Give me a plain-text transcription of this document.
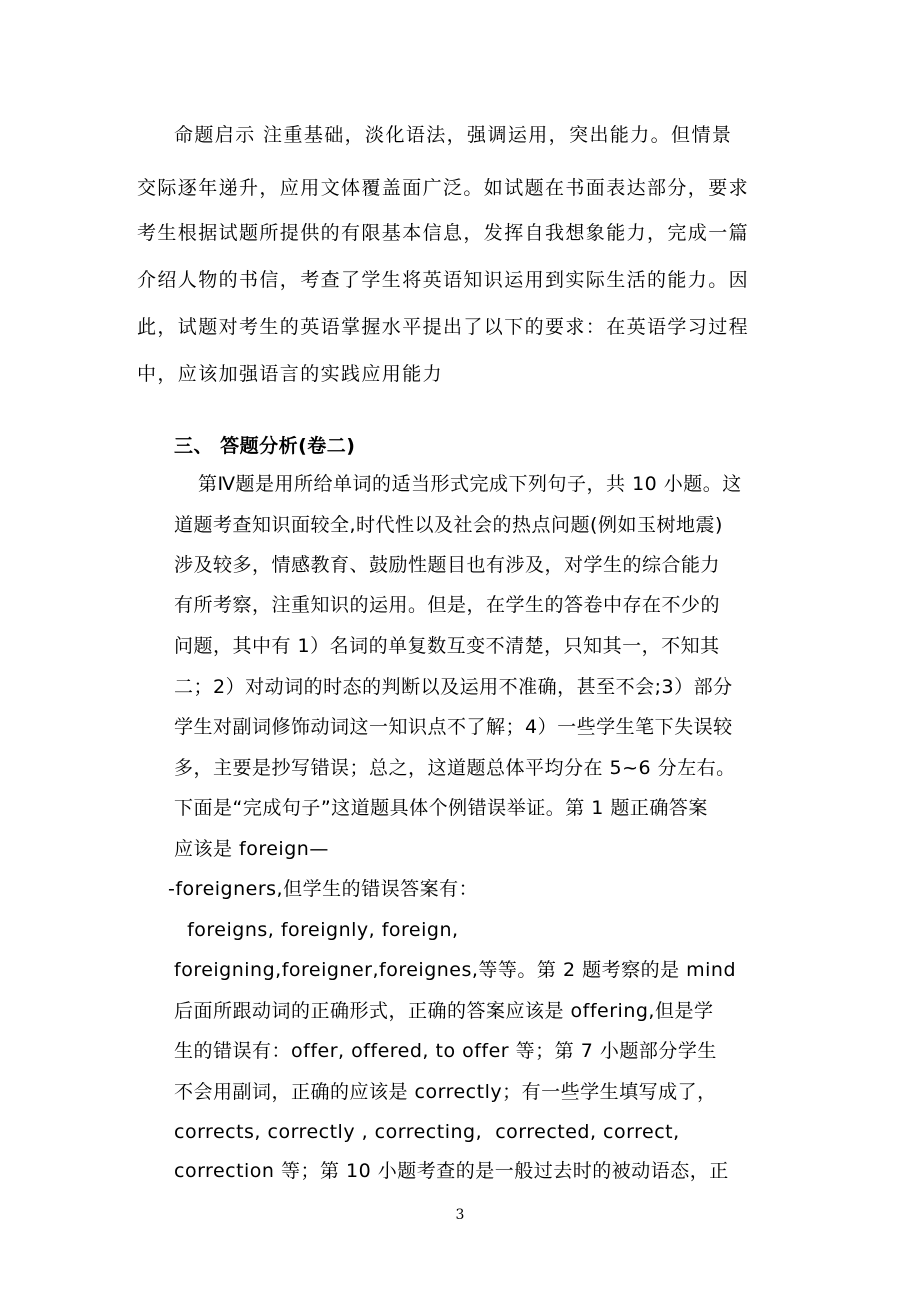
命题启示 注重基础，淡化语法，强调运用，突出能力。但情景
交际逐年递升，应用文体覆盖面广泛。如试题在书面表达部分，要求
考生根据试题所提供的有限基本信息，发挥自我想象能力，完成一篇
介绍人物的书信，考查了学生将英语知识运用到实际生活的能力。因
此，试题对考生的英语掌握水平提出了以下的要求：在英语学习过程
中，应该加强语言的实践应用能力
三、 答题分析(卷二)
第Ⅳ题是用所给单词的适当形式完成下列句子，共 10 小题。这
道题考查知识面较全,时代性以及社会的热点问题(例如玉树地震)
涉及较多，情感教育、鼓励性题目也有涉及，对学生的综合能力
有所考察，注重知识的运用。但是，在学生的答卷中存在不少的
问题，其中有 1）名词的单复数互变不清楚，只知其一，不知其
二；2）对动词的时态的判断以及运用不准确，甚至不会;3）部分
学生对副词修饰动词这一知识点不了解；4）一些学生笔下失误较
多，主要是抄写错误；总之，这道题总体平均分在 5~6 分左右。
下面是“完成句子”这道题具体个例错误举证。第 1 题正确答案
应该是 foreign—
-foreigners,但学生的错误答案有：
foreigns, foreignly, foreign,
foreigning,foreigner,foreignes,等等。第 2 题考察的是 mind
后面所跟动词的正确形式，正确的答案应该是 offering,但是学
生的错误有：offer, offered, to offer 等；第 7 小题部分学生
不会用副词，正确的应该是 correctly；有一些学生填写成了，
corrects, correctly , correcting,  corrected, correct,
correction 等；第 10 小题考查的是一般过去时的被动语态，正
3
